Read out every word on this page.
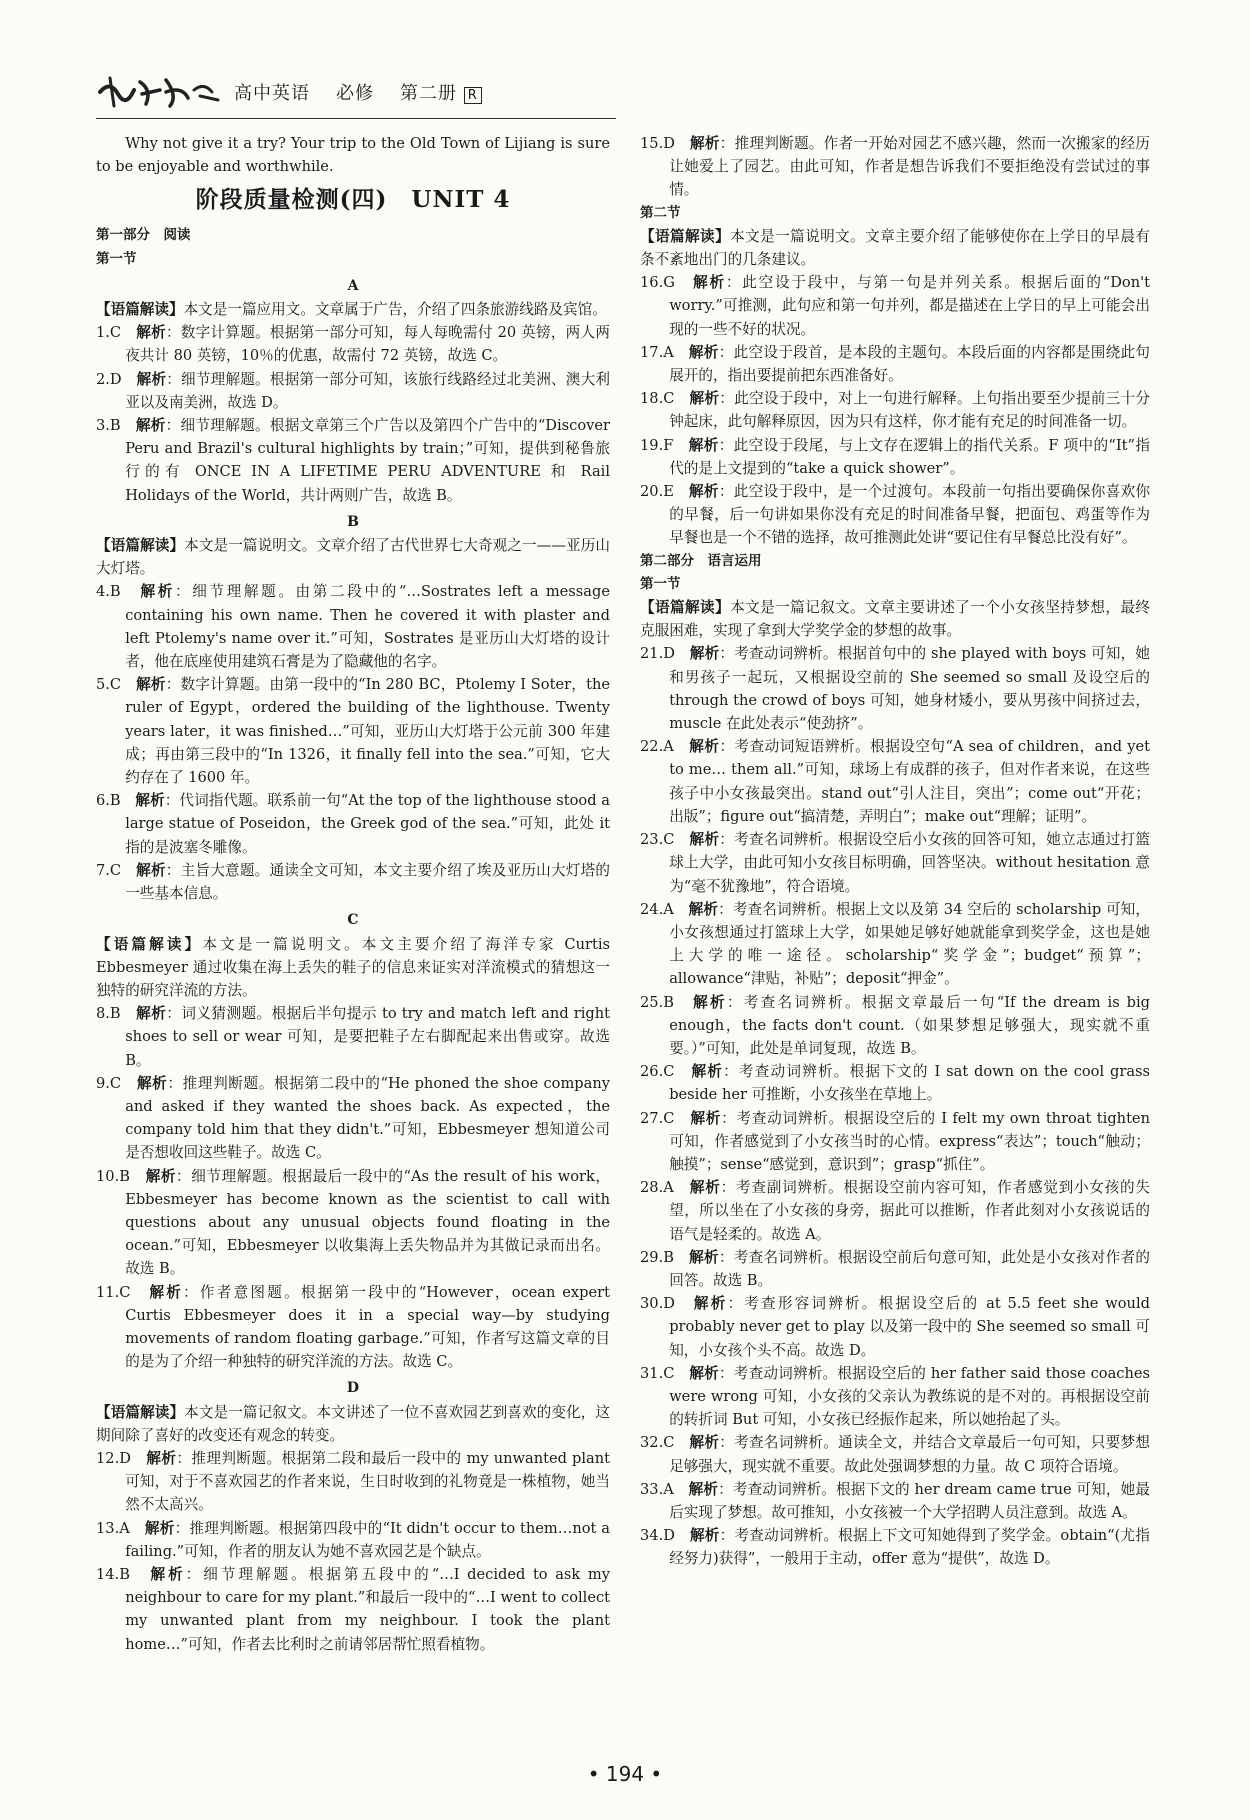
高中英语 必修 第二册 R

Why not give it a try? Your trip to the Old Town of Lijiang is sure to be enjoyable and worthwhile.

阶段质量检测(四)　UNIT 4

第一部分　阅读

第一节

A

【语篇解读】本文是一篇应用文。文章属于广告，介绍了四条旅游线路及宾馆。

1.C　 解析：数字计算题。根据第一部分可知，每人每晚需付 20 英镑，两人两夜共计 80 英镑，10％的优惠，故需付 72 英镑，故选 C。

2.D　 解析：细节理解题。根据第一部分可知，该旅行线路经过北美洲、澳大利亚以及南美洲，故选 D。

3.B　 解析：细节理解题。根据文章第三个广告以及第四个广告中的“Discover Peru and Brazil's cultural highlights by train；”可知，提供到秘鲁旅行的有 ONCE IN A LIFETIME PERU ADVENTURE 和 Rail Holidays of the World，共计两则广告，故选 B。

B

【语篇解读】本文是一篇说明文。文章介绍了古代世界七大奇观之一——亚历山大灯塔。

4.B　 解析：细节理解题。由第二段中的“…Sostrates left a message containing his own name. Then he covered it with plaster and left Ptolemy's name over it.”可知，Sostrates 是亚历山大灯塔的设计者，他在底座使用建筑石膏是为了隐藏他的名字。

5.C　 解析：数字计算题。由第一段中的“In 280 BC，Ptolemy I Soter，the ruler of Egypt，ordered the building of the lighthouse. Twenty years later，it was finished…”可知，亚历山大灯塔于公元前 300 年建成；再由第三段中的“In 1326，it finally fell into the sea.”可知，它大约存在了 1600 年。

6.B　 解析：代词指代题。联系前一句“At the top of the lighthouse stood a large statue of Poseidon，the Greek god of the sea.”可知，此处 it 指的是波塞冬雕像。

7.C　 解析：主旨大意题。通读全文可知，本文主要介绍了埃及亚历山大灯塔的一些基本信息。

C

【语篇解读】本文是一篇说明文。本文主要介绍了海洋专家 Curtis Ebbesmeyer 通过收集在海上丢失的鞋子的信息来证实对洋流模式的猜想这一独特的研究洋流的方法。

8.B　 解析：词义猜测题。根据后半句提示 to try and match left and right shoes to sell or wear 可知，是要把鞋子左右脚配起来出售或穿。故选 B。

9.C　 解析：推理判断题。根据第二段中的“He phoned the shoe company and asked if they wanted the shoes back. As expected，the company told him that they didn't.”可知，Ebbesmeyer 想知道公司是否想收回这些鞋子。故选 C。

10.B　 解析：细节理解题。根据最后一段中的“As the result of his work，Ebbesmeyer has become known as the scientist to call with questions about any unusual objects found floating in the ocean.”可知，Ebbesmeyer 以收集海上丢失物品并为其做记录而出名。故选 B。

11.C　 解析：作者意图题。根据第一段中的“However，ocean expert Curtis Ebbesmeyer does it in a special way—by studying movements of random floating garbage.”可知，作者写这篇文章的目的是为了介绍一种独特的研究洋流的方法。故选 C。

D

【语篇解读】本文是一篇记叙文。本文讲述了一位不喜欢园艺到喜欢的变化，这期间除了喜好的改变还有观念的转变。

12.D　 解析：推理判断题。根据第二段和最后一段中的 my unwanted plant 可知，对于不喜欢园艺的作者来说，生日时收到的礼物竟是一株植物，她当然不太高兴。

13.A　 解析：推理判断题。根据第四段中的“It didn't occur to them…not a failing.”可知，作者的朋友认为她不喜欢园艺是个缺点。

14.B　 解析：细节理解题。根据第五段中的“…I decided to ask my neighbour to care for my plant.”和最后一段中的“…I went to collect my unwanted plant from my neighbour. I took the plant home…”可知，作者去比利时之前请邻居帮忙照看植物。

15.D　 解析：推理判断题。作者一开始对园艺不感兴趣，然而一次搬家的经历让她爱上了园艺。由此可知，作者是想告诉我们不要拒绝没有尝试过的事情。

第二节

【语篇解读】本文是一篇说明文。文章主要介绍了能够使你在上学日的早晨有条不紊地出门的几条建议。

16.G　 解析：此空设于段中，与第一句是并列关系。根据后面的“Don't worry.”可推测，此句应和第一句并列，都是描述在上学日的早上可能会出现的一些不好的状况。

17.A　 解析：此空设于段首，是本段的主题句。本段后面的内容都是围绕此句展开的，指出要提前把东西准备好。

18.C　 解析：此空设于段中，对上一句进行解释。上句指出要至少提前三十分钟起床，此句解释原因，因为只有这样，你才能有充足的时间准备一切。

19.F　 解析：此空设于段尾，与上文存在逻辑上的指代关系。F 项中的“It”指代的是上文提到的“take a quick shower”。

20.E　 解析：此空设于段中，是一个过渡句。本段前一句指出要确保你喜欢你的早餐，后一句讲如果你没有充足的时间准备早餐，把面包、鸡蛋等作为早餐也是一个不错的选择，故可推测此处讲“要记住有早餐总比没有好”。

第二部分　语言运用

第一节

【语篇解读】本文是一篇记叙文。文章主要讲述了一个小女孩坚持梦想，最终克服困难，实现了拿到大学奖学金的梦想的故事。

21.D　 解析：考查动词辨析。根据首句中的 she played with boys 可知，她和男孩子一起玩，又根据设空前的 She seemed so small 及设空后的 through the crowd of boys 可知，她身材矮小，要从男孩中间挤过去，muscle 在此处表示“使劲挤”。

22.A　 解析：考查动词短语辨析。根据设空句“A sea of children，and yet to me… them all.”可知，球场上有成群的孩子，但对作者来说，在这些孩子中小女孩最突出。stand out“引人注目，突出”；come out“开花；出版”；figure out“搞清楚，弄明白”；make out“理解；证明”。

23.C　 解析：考查名词辨析。根据设空后小女孩的回答可知，她立志通过打篮球上大学，由此可知小女孩目标明确，回答坚决。without hesitation 意为“毫不犹豫地”，符合语境。

24.A　 解析：考查名词辨析。根据上文以及第 34 空后的 scholarship 可知，小女孩想通过打篮球上大学，如果她足够好她就能拿到奖学金，这也是她上大学的唯一途径。scholarship“奖学金”；budget“预算”；allowance“津贴，补贴”；deposit“押金”。

25.B　 解析：考查名词辨析。根据文章最后一句“If the dream is big enough，the facts don't count.（如果梦想足够强大，现实就不重要。）”可知，此处是单词复现，故选 B。

26.C　 解析：考查动词辨析。根据下文的 I sat down on the cool grass beside her 可推断，小女孩坐在草地上。

27.C　 解析：考查动词辨析。根据设空后的 I felt my own throat tighten 可知，作者感觉到了小女孩当时的心情。express“表达”；touch“触动；触摸”；sense“感觉到，意识到”；grasp“抓住”。

28.A　 解析：考查副词辨析。根据设空前内容可知，作者感觉到小女孩的失望，所以坐在了小女孩的身旁，据此可以推断，作者此刻对小女孩说话的语气是轻柔的。故选 A。

29.B　 解析：考查名词辨析。根据设空前后句意可知，此处是小女孩对作者的回答。故选 B。

30.D　 解析：考查形容词辨析。根据设空后的 at 5.5 feet she would probably never get to play 以及第一段中的 She seemed so small 可知，小女孩个头不高。故选 D。

31.C　 解析：考查动词辨析。根据设空后的 her father said those coaches were wrong 可知，小女孩的父亲认为教练说的是不对的。再根据设空前的转折词 But 可知，小女孩已经振作起来，所以她抬起了头。

32.C　 解析：考查名词辨析。通读全文，并结合文章最后一句可知，只要梦想足够强大，现实就不重要。故此处强调梦想的力量。故 C 项符合语境。

33.A　 解析：考查动词辨析。根据下文的 her dream came true 可知，她最后实现了梦想。故可推知，小女孩被一个大学招聘人员注意到。故选 A。

34.D　 解析：考查动词辨析。根据上下文可知她得到了奖学金。obtain“(尤指经努力)获得”，一般用于主动，offer 意为“提供”，故选 D。

• 194 •
